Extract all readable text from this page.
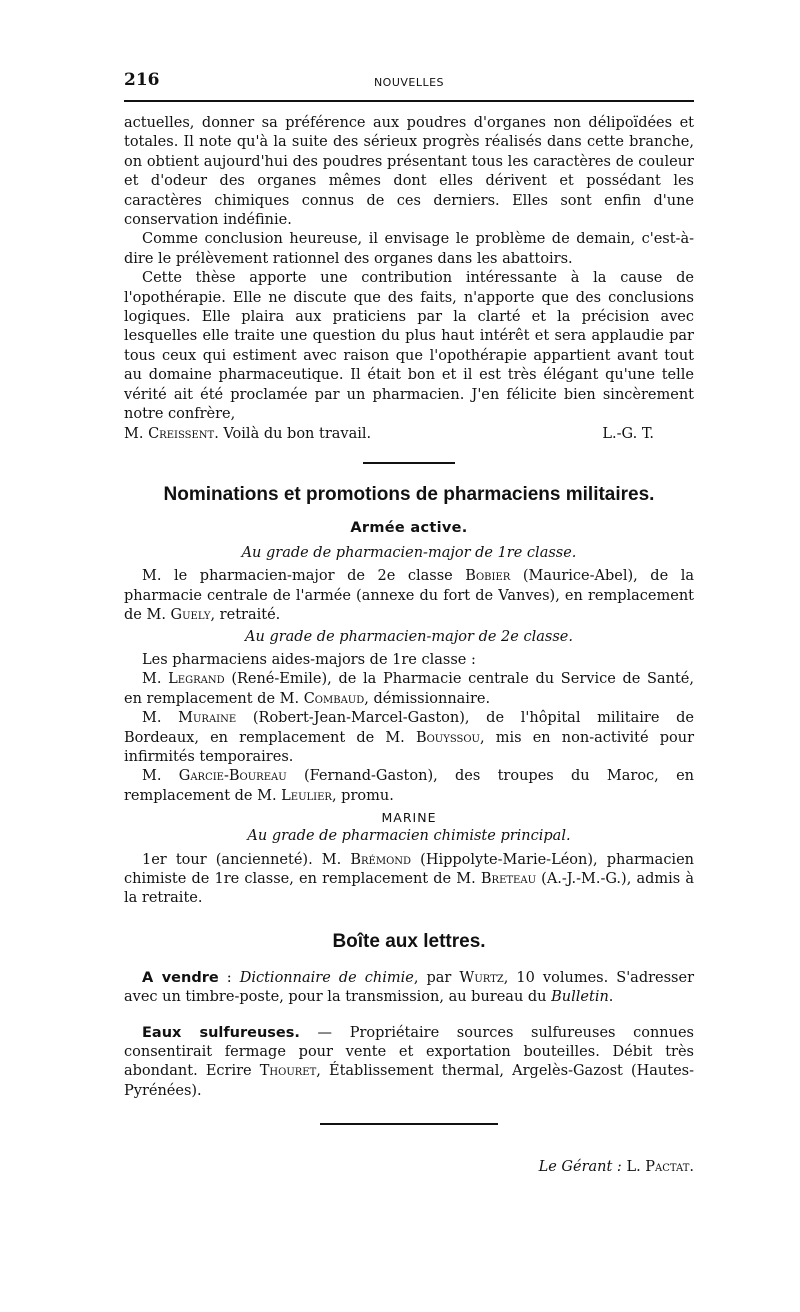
216	NOUVELLES

actuelles, donner sa préférence aux poudres d'organes non délipoïdées et totales. Il note qu'à la suite des sérieux progrès réalisés dans cette branche, on obtient aujourd'hui des poudres présentant tous les caractères de couleur et d'odeur des organes mêmes dont elles dérivent et possédant les caractères chimiques connus de ces derniers. Elles sont enfin d'une conservation indéfinie.

Comme conclusion heureuse, il envisage le problème de demain, c'est-à-dire le prélèvement rationnel des organes dans les abattoirs.

Cette thèse apporte une contribution intéressante à la cause de l'opothérapie. Elle ne discute que des faits, n'apporte que des conclusions logiques. Elle plaira aux praticiens par la clarté et la précision avec lesquelles elle traite une question du plus haut intérêt et sera applaudie par tous ceux qui estiment avec raison que l'opothérapie appartient avant tout au domaine pharmaceutique. Il était bon et il est très élégant qu'une telle vérité ait été proclamée par un pharmacien. J'en félicite bien sincèrement notre confrère,

M. Creissent. Voilà du bon travail.	L.-G. T.
Nominations et promotions de pharmaciens militaires.
Armée active.
Au grade de pharmacien-major de 1re classe.

M. le pharmacien-major de 2e classe Bobier (Maurice-Abel), de la pharmacie centrale de l'armée (annexe du fort de Vanves), en remplacement de M. Guely, retraité.

Au grade de pharmacien-major de 2e classe.

Les pharmaciens aides-majors de 1re classe :

M. Legrand (René-Emile), de la Pharmacie centrale du Service de Santé, en remplacement de M. Combaud, démissionnaire.

M. Muraine (Robert-Jean-Marcel-Gaston), de l'hôpital militaire de Bordeaux, en remplacement de M. Bouyssou, mis en non-activité pour infirmités temporaires.

M. Garcie-Boureau (Fernand-Gaston), des troupes du Maroc, en remplacement de M. Leulier, promu.

MARINE
Au grade de pharmacien chimiste principal.

1er tour (ancienneté). M. Brémond (Hippolyte-Marie-Léon), pharmacien chimiste de 1re classe, en remplacement de M. Breteau (A.-J.-M.-G.), admis à la retraite.

Boîte aux lettres.

A vendre : Dictionnaire de chimie, par Wurtz, 10 volumes. S'adresser avec un timbre-poste, pour la transmission, au bureau du Bulletin.

Eaux sulfureuses. — Propriétaire sources sulfureuses connues consentirait fermage pour vente et exportation bouteilles. Débit très abondant. Ecrire Thouret, Établissement thermal, Argelès-Gazost (Hautes-Pyrénées).

Le Gérant : L. Pactat.
